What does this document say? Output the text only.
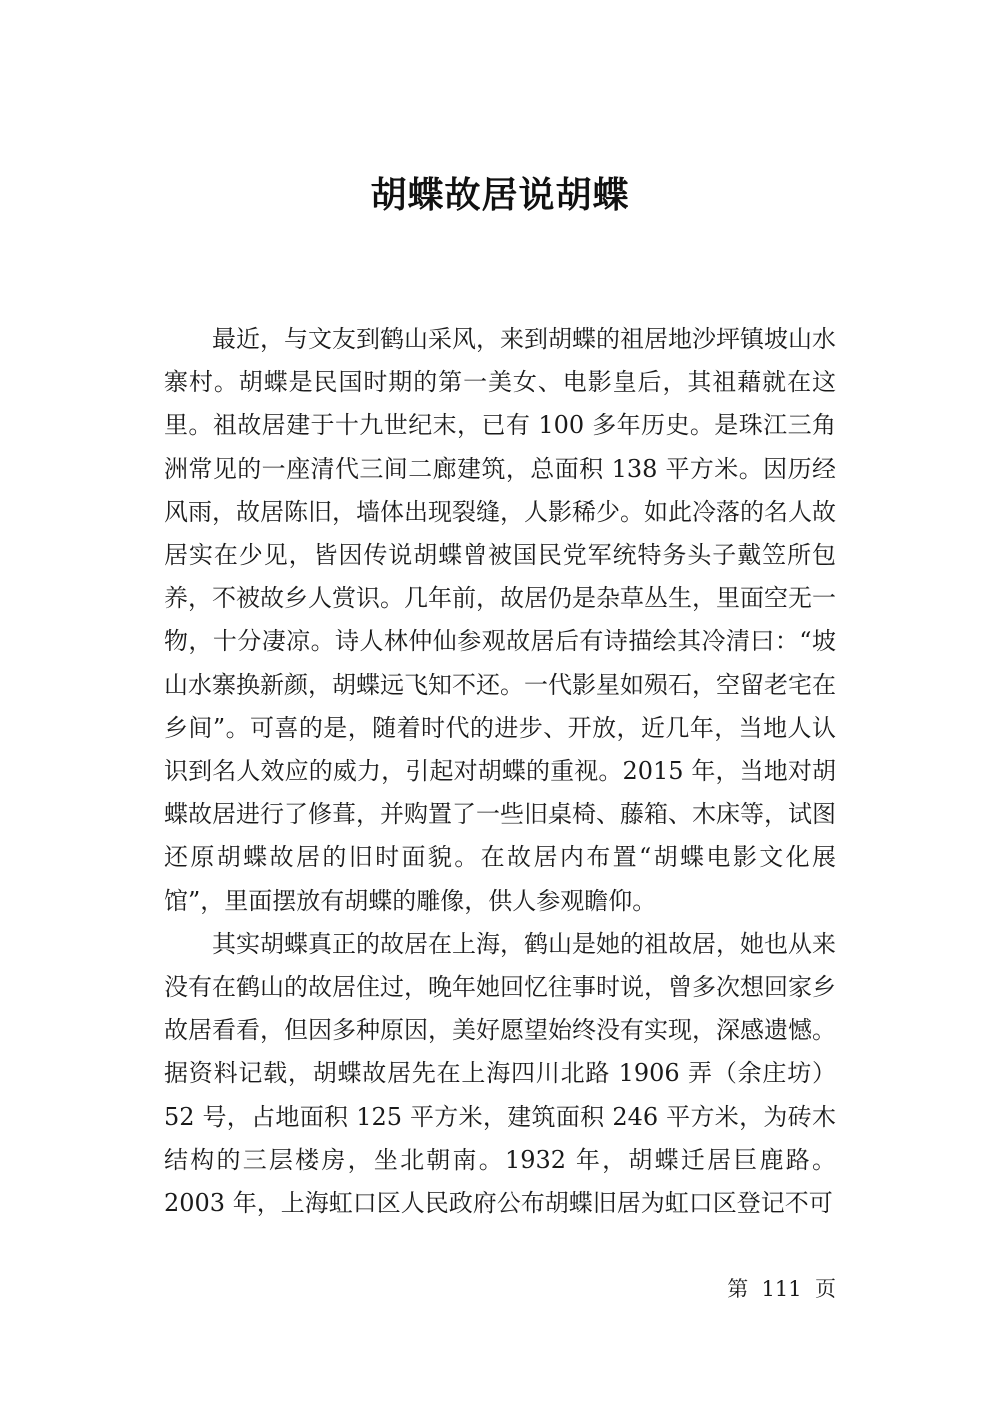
胡蝶故居说胡蝶

最近，与文友到鹤山采风，来到胡蝶的祖居地沙坪镇坡山水寨村。胡蝶是民国时期的第一美女、电影皇后，其祖藉就在这里。祖故居建于十九世纪末，已有 100 多年历史。是珠江三角洲常见的一座清代三间二廊建筑，总面积 138 平方米。因历经风雨，故居陈旧，墙体出现裂缝，人影稀少。如此冷落的名人故居实在少见，皆因传说胡蝶曾被国民党军统特务头子戴笠所包养，不被故乡人赏识。几年前，故居仍是杂草丛生，里面空无一物，十分凄凉。诗人林仲仙参观故居后有诗描绘其冷清曰：“坡山水寨换新颜，胡蝶远飞知不还。一代影星如殒石，空留老宅在乡间”。可喜的是，随着时代的进步、开放，近几年，当地人认识到名人效应的威力，引起对胡蝶的重视。2015 年，当地对胡蝶故居进行了修葺，并购置了一些旧桌椅、藤箱、木床等，试图还原胡蝶故居的旧时面貌。在故居内布置“胡蝶电影文化展馆”，里面摆放有胡蝶的雕像，供人参观瞻仰。

其实胡蝶真正的故居在上海，鹤山是她的祖故居，她也从来没有在鹤山的故居住过，晚年她回忆往事时说，曾多次想回家乡故居看看，但因多种原因，美好愿望始终没有实现，深感遗憾。据资料记载，胡蝶故居先在上海四川北路 1906 弄（余庄坊）52 号，占地面积 125 平方米，建筑面积 246 平方米，为砖木结构的三层楼房，坐北朝南。1932 年，胡蝶迁居巨鹿路。2003 年，上海虹口区人民政府公布胡蝶旧居为虹口区登记不可

第  111  页
